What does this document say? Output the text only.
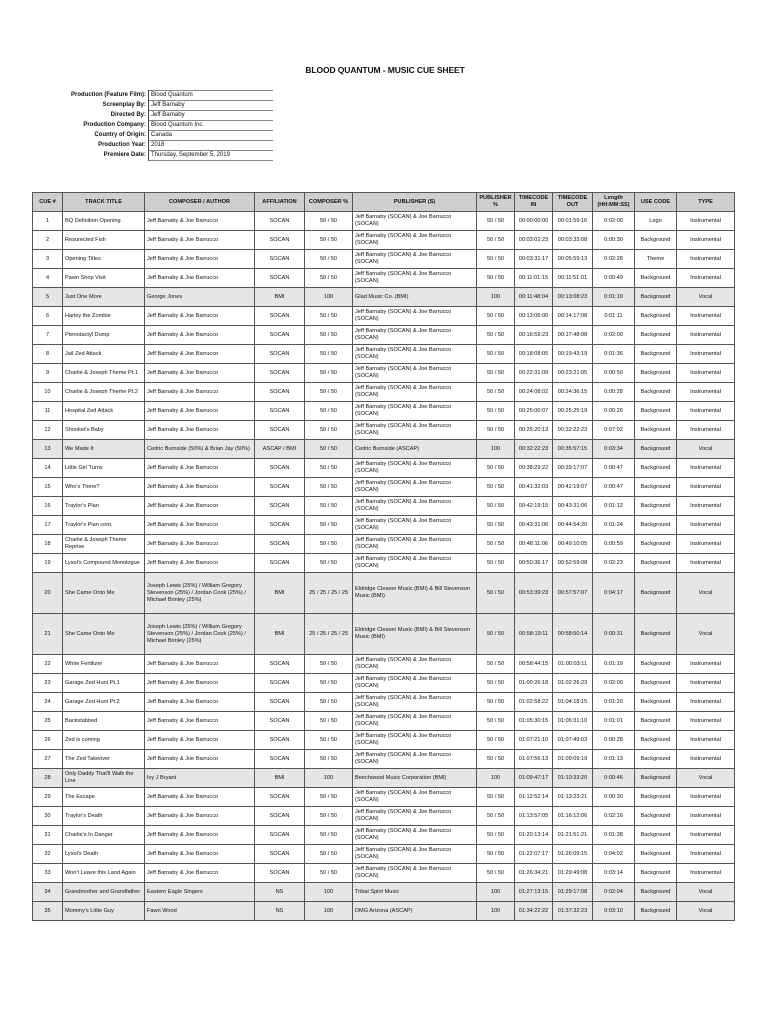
BLOOD QUANTUM - MUSIC CUE SHEET
Production (Feature Film):	Blood Quantum
Screenplay By:	Jeff Barnaby
Directed By:	Jeff Barnaby
Production Company:	Blood Quantum Inc.
Country of Origin:	Canada
Production Year:	2018
Premiere Date:	Thursday, September 5, 2019
CUE #	TRACK TITLE	COMPOSER / AUTHOR	AFFILIATION	COMPOSER %	PUBLISHER (S)	PUBLISHER %	TIMECODE IN	TIMECODE OUT	Length (HH:MM:SS)	USE CODE	TYPE
1	BQ Definition Opening	Jeff Barnaby & Joe Barrucco	SOCAN	50 / 50	Jeff Barnaby (SOCAN) & Joe Barrucco (SOCAN)	50 / 50	00:00:00:00	00:01:59:16	0:02:00	Logo	Instrumental
2	Resurected Fish	Jeff Barnaby & Joe Barrucco	SOCAN	50 / 50	Jeff Barnaby (SOCAN) & Joe Barrucco (SOCAN)	50 / 50	00:03:02:23	00:03:33:08	0:00:30	Background	Instrumental
3	Opening Titles	Jeff Barnaby & Joe Barrucco	SOCAN	50 / 50	Jeff Barnaby (SOCAN) & Joe Barrucco (SOCAN)	50 / 50	00:03:31:17	00:05:59:13	0:02:28	Theme	Instrumental
4	Pawn Shop Visit	Jeff Barnaby & Joe Barrucco	SOCAN	50 / 50	Jeff Barnaby (SOCAN) & Joe Barrucco (SOCAN)	50 / 50	00:11:01:15	00:11:51:01	0:00:49	Background	Instrumental
5	Just One More	George Jones	BMI	100	Glad Music Co. (BMI)	100	00:11:48:04	00:13:08:23	0:01:19	Background	Vocal
6	Harley the Zombie	Jeff Barnaby & Joe Barrucco	SOCAN	50 / 50	Jeff Barnaby (SOCAN) & Joe Barrucco (SOCAN)	50 / 50	00:13:06:00	00:14:17:08	0:01:11	Background	Instrumental
7	Pterodactyl Dump	Jeff Barnaby & Joe Barrucco	SOCAN	50 / 50	Jeff Barnaby (SOCAN) & Joe Barrucco (SOCAN)	50 / 50	00:16:59:23	00:17:48:08	0:02:00	Background	Instrumental
8	Jail Zed Attack	Jeff Barnaby & Joe Barrucco	SOCAN	50 / 50	Jeff Barnaby (SOCAN) & Joe Barrucco (SOCAN)	50 / 50	00:18:08:05	00:19:43:19	0:01:36	Background	Instrumental
9	Charlie & Joseph Theme Pt.1	Jeff Barnaby & Joe Barrucco	SOCAN	50 / 50	Jeff Barnaby (SOCAN) & Joe Barrucco (SOCAN)	50 / 50	00:22:31:09	00:23:21:05	0:00:50	Background	Instrumental
10	Charlie & Joseph Theme Pt.2	Jeff Barnaby & Joe Barrucco	SOCAN	50 / 50	Jeff Barnaby (SOCAN) & Joe Barrucco (SOCAN)	50 / 50	00:24:08:02	00:24:36:15	0:00:28	Background	Instrumental
11	Hospital Zed Attack	Jeff Barnaby & Joe Barrucco	SOCAN	50 / 50	Jeff Barnaby (SOCAN) & Joe Barrucco (SOCAN)	50 / 50	00:25:00:07	00:25:25:19	0:00:26	Background	Instrumental
12	Shooket's Baby	Jeff Barnaby & Joe Barrucco	SOCAN	50 / 50	Jeff Barnaby (SOCAN) & Joe Barrucco (SOCAN)	50 / 50	00:25:20:13	00:32:22:23	0:07:02	Background	Instrumental
13	We Made It	Cedric Burnside (50%) & Brian Jay (50%)	ASCAP / BMI	50 / 50	Cedric Burnside (ASCAP)	100	00:32:22:23	00:35:57:15	0:03:34	Background	Vocal
14	Little Girl Turns	Jeff Barnaby & Joe Barrucco	SOCAN	50 / 50	Jeff Barnaby (SOCAN) & Joe Barrucco (SOCAN)	50 / 50	00:38:29:22	00:39:17:07	0:00:47	Background	Instrumental
15	Who's There?	Jeff Barnaby & Joe Barrucco	SOCAN	50 / 50	Jeff Barnaby (SOCAN) & Joe Barrucco (SOCAN)	50 / 50	00:41:32:03	00:42:19:07	0:00:47	Background	Instrumental
16	Traylor's Plan	Jeff Barnaby & Joe Barrucco	SOCAN	50 / 50	Jeff Barnaby (SOCAN) & Joe Barrucco (SOCAN)	50 / 50	00:42:19:15	00:43:31:06	0:01:12	Background	Instrumental
17	Traylor's Plan cont.	Jeff Barnaby & Joe Barrucco	SOCAN	50 / 50	Jeff Barnaby (SOCAN) & Joe Barrucco (SOCAN)	50 / 50	00:43:31:06	00:44:54:20	0:01:24	Background	Instrumental
18	Charlie & Joseph Theme Reprise	Jeff Barnaby & Joe Barrucco	SOCAN	50 / 50	Jeff Barnaby (SOCAN) & Joe Barrucco (SOCAN)	50 / 50	00:48:11:06	00:49:10:05	0:00:59	Background	Instrumental
19	Lysol's Compound Monologue	Jeff Barnaby & Joe Barrucco	SOCAN	50 / 50	Jeff Barnaby (SOCAN) & Joe Barrucco (SOCAN)	50 / 50	00:50:36:17	00:52:59:08	0:02:23	Background	Instrumental
20	She Came Onto Me	Joseph Lewis (25%) / William Gregory Stevenson (25%) / Jordan Cook (25%) / Michael Brinley (25%)	BMI	25 / 25 / 25 / 25	Eldridge Cleaver Music (BMI) & Bill Stevenson Music (BMI)	50 / 50	00:53:39:23	00:57:57:07	0:04:17	Background	Vocal
21	She Came Onto Me	Joseph Lewis (25%) / William Gregory Stevenson (25%) / Jordan Cook (25%) / Michael Brinley (25%)	BMI	25 / 25 / 25 / 25	Eldridge Cleaver Music (BMI) & Bill Stevenson Music (BMI)	50 / 50	00:58:19:11	00:58:50:14	0:00:31	Background	Vocal
22	White Fertilizer	Jeff Barnaby & Joe Barrucco	SOCAN	50 / 50	Jeff Barnaby (SOCAN) & Joe Barrucco (SOCAN)	50 / 50	00:58:44:15	01:00:03:11	0:01:19	Background	Instrumental
23	Garage Zed Hunt Pt.1	Jeff Barnaby & Joe Barrucco	SOCAN	50 / 50	Jeff Barnaby (SOCAN) & Joe Barrucco (SOCAN)	50 / 50	01:00:26:18	01:02:26:23	0:02:00	Background	Instrumental
24	Garage Zed Hunt Pt.2	Jeff Barnaby & Joe Barrucco	SOCAN	50 / 50	Jeff Barnaby (SOCAN) & Joe Barrucco (SOCAN)	50 / 50	01:02:58:22	01:04:18:15	0:01:20	Background	Instrumental
25	Backstabbed	Jeff Barnaby & Joe Barrucco	SOCAN	50 / 50	Jeff Barnaby (SOCAN) & Joe Barrucco (SOCAN)	50 / 50	01:05:30:15	01:06:31:10	0:01:01	Background	Instrumental
26	Zed is coming	Jeff Barnaby & Joe Barrucco	SOCAN	50 / 50	Jeff Barnaby (SOCAN) & Joe Barrucco (SOCAN)	50 / 50	01:07:21:10	01:07:49:03	0:00:28	Background	Instrumental
27	The Zed Takeover	Jeff Barnaby & Joe Barrucco	SOCAN	50 / 50	Jeff Barnaby (SOCAN) & Joe Barrucco (SOCAN)	50 / 50	01:07:56:13	01:09:09:19	0:01:13	Background	Instrumental
28	Only Daddy That'll Walk the Line	Ivy J Bryant	BMI	100	Beechwood Music Corporation (BMI)	100	01:09:47:17	01:10:33:20	0:00:46	Background	Vocal
29	The Escape	Jeff Barnaby & Joe Barrucco	SOCAN	50 / 50	Jeff Barnaby (SOCAN) & Joe Barrucco (SOCAN)	50 / 50	01:12:52:14	01:13:23:21	0:00:30	Background	Instrumental
30	Traylor's Death	Jeff Barnaby & Joe Barrucco	SOCAN	50 / 50	Jeff Barnaby (SOCAN) & Joe Barrucco (SOCAN)	50 / 50	01:13:57:05	01:16:12:06	0:02:16	Background	Instrumental
31	Charlie's In Danger	Jeff Barnaby & Joe Barrucco	SOCAN	50 / 50	Jeff Barnaby (SOCAN) & Joe Barrucco (SOCAN)	50 / 50	01:20:13:14	01:21:51:21	0:01:38	Background	Instrumental
32	Lysol's Death	Jeff Barnaby & Joe Barrucco	SOCAN	50 / 50	Jeff Barnaby (SOCAN) & Joe Barrucco (SOCAN)	50 / 50	01:22:07:17	01:26:09:15	0:04:02	Background	Instrumental
33	Won't Leave this Land Again	Jeff Barnaby & Joe Barrucco	SOCAN	50 / 50	Jeff Barnaby (SOCAN) & Joe Barrucco (SOCAN)	50 / 50	01:26:34:21	01:29:49:08	0:03:14	Background	Instrumental
34	Grandmother and Grandfather	Eastern Eagle Singers	NS	100	Tribal Spirit Music	100	01:27:13:15	01:29:17:08	0:02:04	Background	Vocal
35	Mommy's Little Guy	Fawn Wood	NS	100	DMG Arizona (ASCAP)	100	01:34:22:22	01:37:32:23	0:03:10	Background	Vocal
